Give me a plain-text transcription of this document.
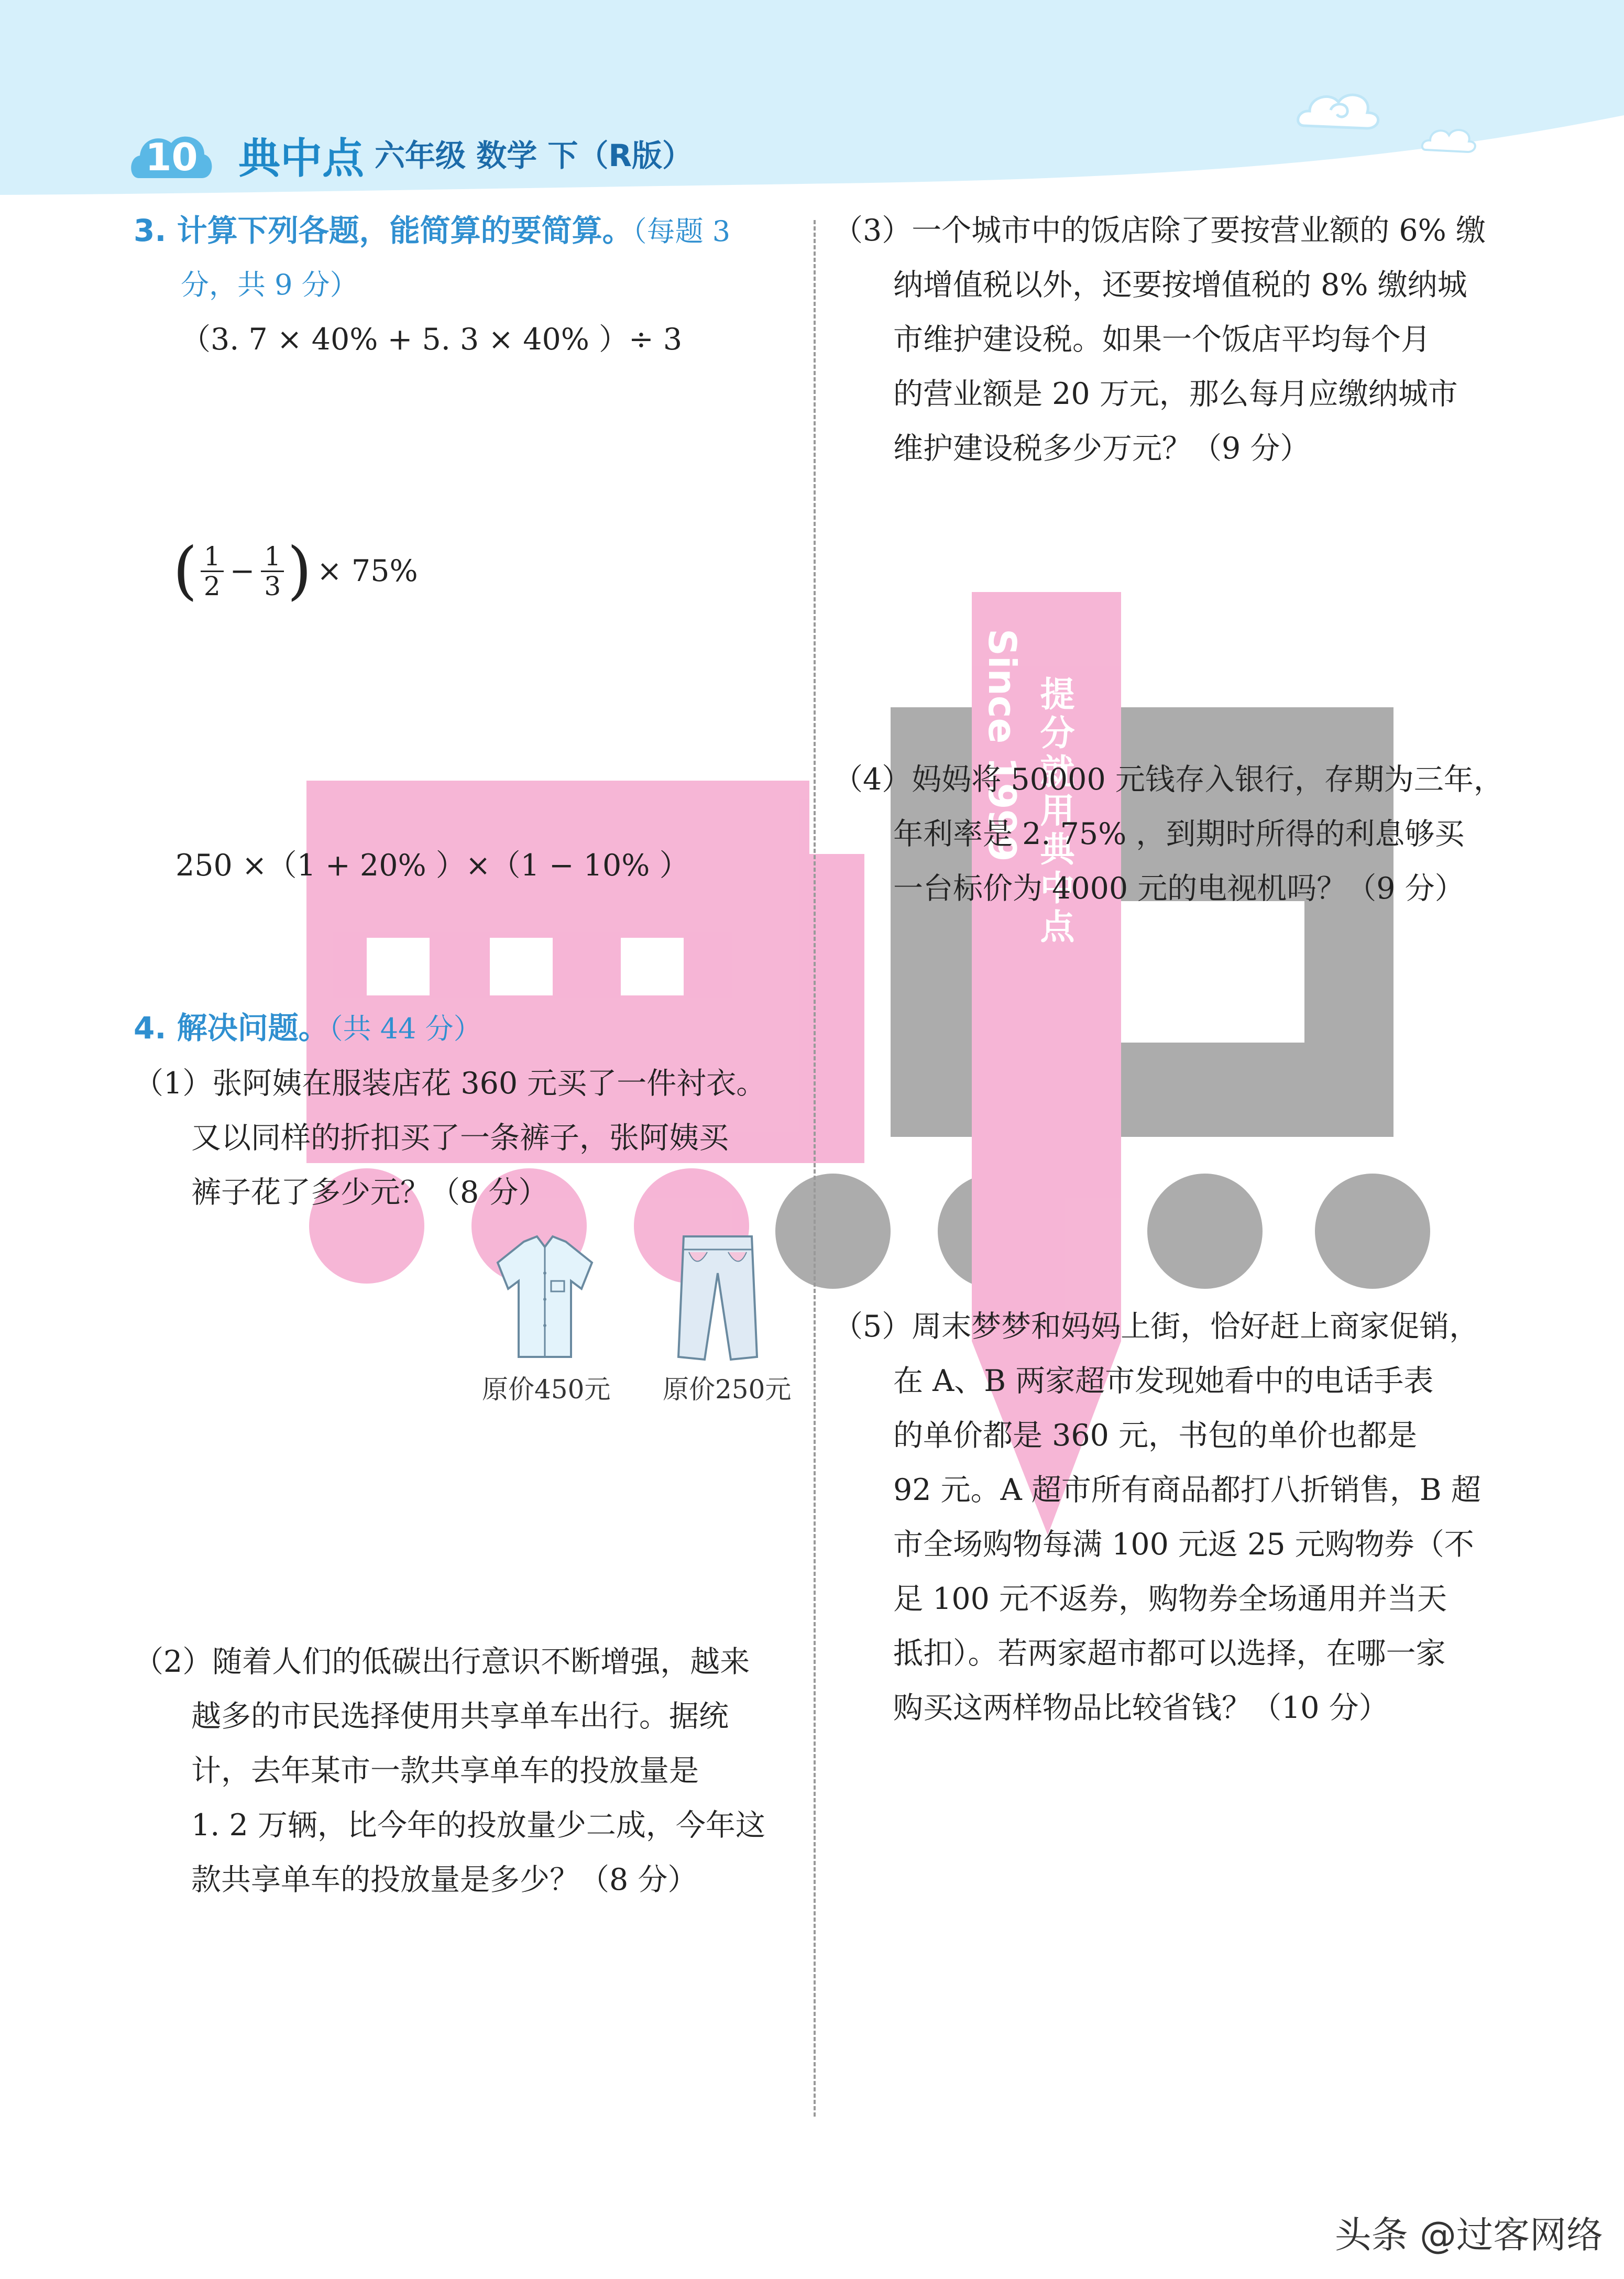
10 典中点 六年级 数学 下（R版）
Since 1999 提分就用典中点
3. 计算下列各题，能简算的要简算。（每题 3
分，共 9 分）
（3. 7 × 40% + 5. 3 × 40% ）÷ 3
( $\frac{1}{2} - \frac{1}{3}$ ) × 75%
250 ×（1 + 20% ）×（1 − 10% ）
4. 解决问题。（共 44 分）
（1）张阿姨在服装店花 360 元买了一件衬衣。
又以同样的折扣买了一条裤子，张阿姨买
裤子花了多少元？（8 分）
原价450元 原价250元
（2）随着人们的低碳出行意识不断增强，越来
越多的市民选择使用共享单车出行。据统
计，去年某市一款共享单车的投放量是
1. 2 万辆，比今年的投放量少二成，今年这
款共享单车的投放量是多少？（8 分）
（3）一个城市中的饭店除了要按营业额的 6% 缴
纳增值税以外，还要按增值税的 8% 缴纳城
市维护建设税。如果一个饭店平均每个月
的营业额是 20 万元，那么每月应缴纳城市
维护建设税多少万元？（9 分）
（4）妈妈将 50000 元钱存入银行，存期为三年，
年利率是 2. 75% ，到期时所得的利息够买
一台标价为 4000 元的电视机吗？（9 分）
（5）周末梦梦和妈妈上街，恰好赶上商家促销，
在 A、B 两家超市发现她看中的电话手表
的单价都是 360 元，书包的单价也都是
92 元。A 超市所有商品都打八折销售，B 超
市全场购物每满 100 元返 25 元购物券（不
足 100 元不返券，购物券全场通用并当天
抵扣）。若两家超市都可以选择，在哪一家
购买这两样物品比较省钱？（10 分）
头条 @过客网络
